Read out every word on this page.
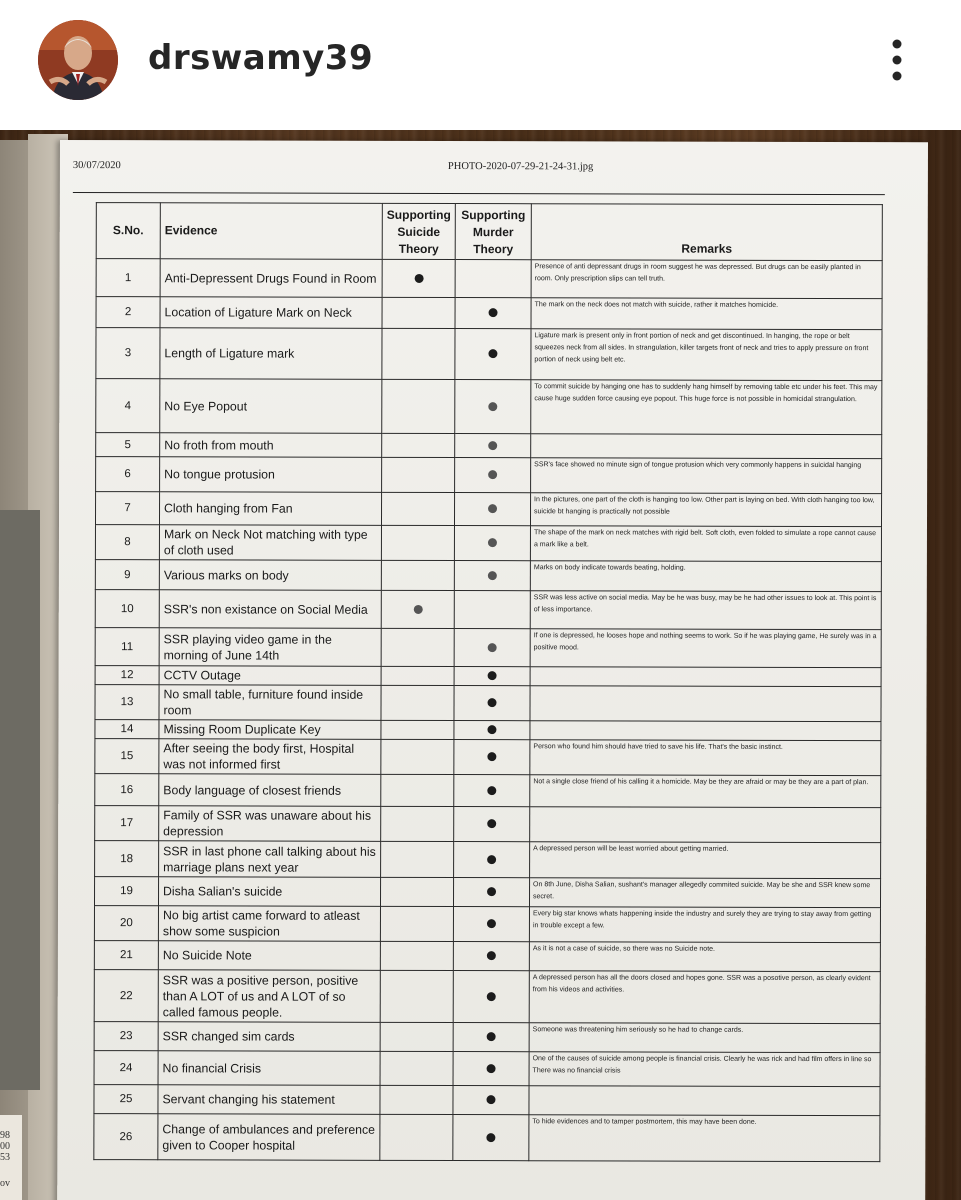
drswamy39
98
00
53
ov
30/07/2020	PHOTO-2020-07-29-21-24-31.jpg
S.No.	Evidence	Supporting Suicide Theory	Supporting Murder Theory	Remarks
1	Anti-Depressent Drugs Found in Room			Presence of anti depressant drugs in room suggest he was depressed. But drugs can be easily planted in room. Only prescription slips can tell truth.
2	Location of Ligature Mark on Neck			The mark on the neck does not match with suicide, rather it matches homicide.
3	Length of Ligature mark			Ligature mark is present only in front portion of neck and get discontinued. In hanging, the rope or belt squeezes neck from all sides. In strangulation, killer targets front of neck and tries to apply pressure on front portion of neck using belt etc.
4	No Eye Popout			To commit suicide by hanging one has to suddenly hang himself by removing table etc under his feet. This may cause huge sudden force causing eye popout. This huge force is not possible in homicidal strangulation.
5	No froth from mouth			
6	No tongue protusion			SSR's face showed no minute sign of tongue protusion which very commonly happens in suicidal hanging
7	Cloth hanging from Fan			In the pictures, one part of the cloth is hanging too low. Other part is laying on bed. With cloth hanging too low, suicide bt hanging is practically not possible
8	Mark on Neck Not matching with type of cloth used			The shape of the mark on neck matches with rigid belt. Soft cloth, even folded to simulate a rope cannot cause a mark like a belt.
9	Various marks on body			Marks on body indicate towards beating, holding.
10	SSR's non existance on Social Media			SSR was less active on social media. May be he was busy, may be he had other issues to look at. This point is of less importance.
11	SSR playing video game in the morning of June 14th			If one is depressed, he looses hope and nothing seems to work. So if he was playing game, He surely was in a positive mood.
12	CCTV Outage			
13	No small table, furniture found inside room			
14	Missing Room Duplicate Key			
15	After seeing the body first, Hospital was not informed first			Person who found him should have tried to save his life. That's the basic instinct.
16	Body language of closest friends			Not a single close friend of his calling it a homicide. May be they are afraid or may be they are a part of plan.
17	Family of SSR was unaware about his depression			
18	SSR in last phone call talking about his marriage plans next year			A depressed person will be least worried about getting married.
19	Disha Salian's suicide			On 8th June, Disha Salian, sushant's manager allegedly commited suicide. May be she and SSR knew some secret.
20	No big artist came forward to atleast show some suspicion			Every big star knows whats happening inside the industry and surely they are trying to stay away from getting in trouble except a few.
21	No Suicide Note			As it is not a case of suicide, so there was no Suicide note.
22	SSR was a positive person, positive than A LOT of us and A LOT of so called famous people.			A depressed person has all the doors closed and hopes gone. SSR was a posotive person, as clearly evident from his videos and activities.
23	SSR changed sim cards			Someone was threatening him seriously so he had to change cards.
24	No financial Crisis			One of the causes of suicide among people is financial crisis. Clearly he was rick and had film offers in line so There was no financial crisis
25	Servant changing his statement			
26	Change of ambulances and preference given to Cooper hospital			To hide evidences and to tamper postmortem, this may have been done.
